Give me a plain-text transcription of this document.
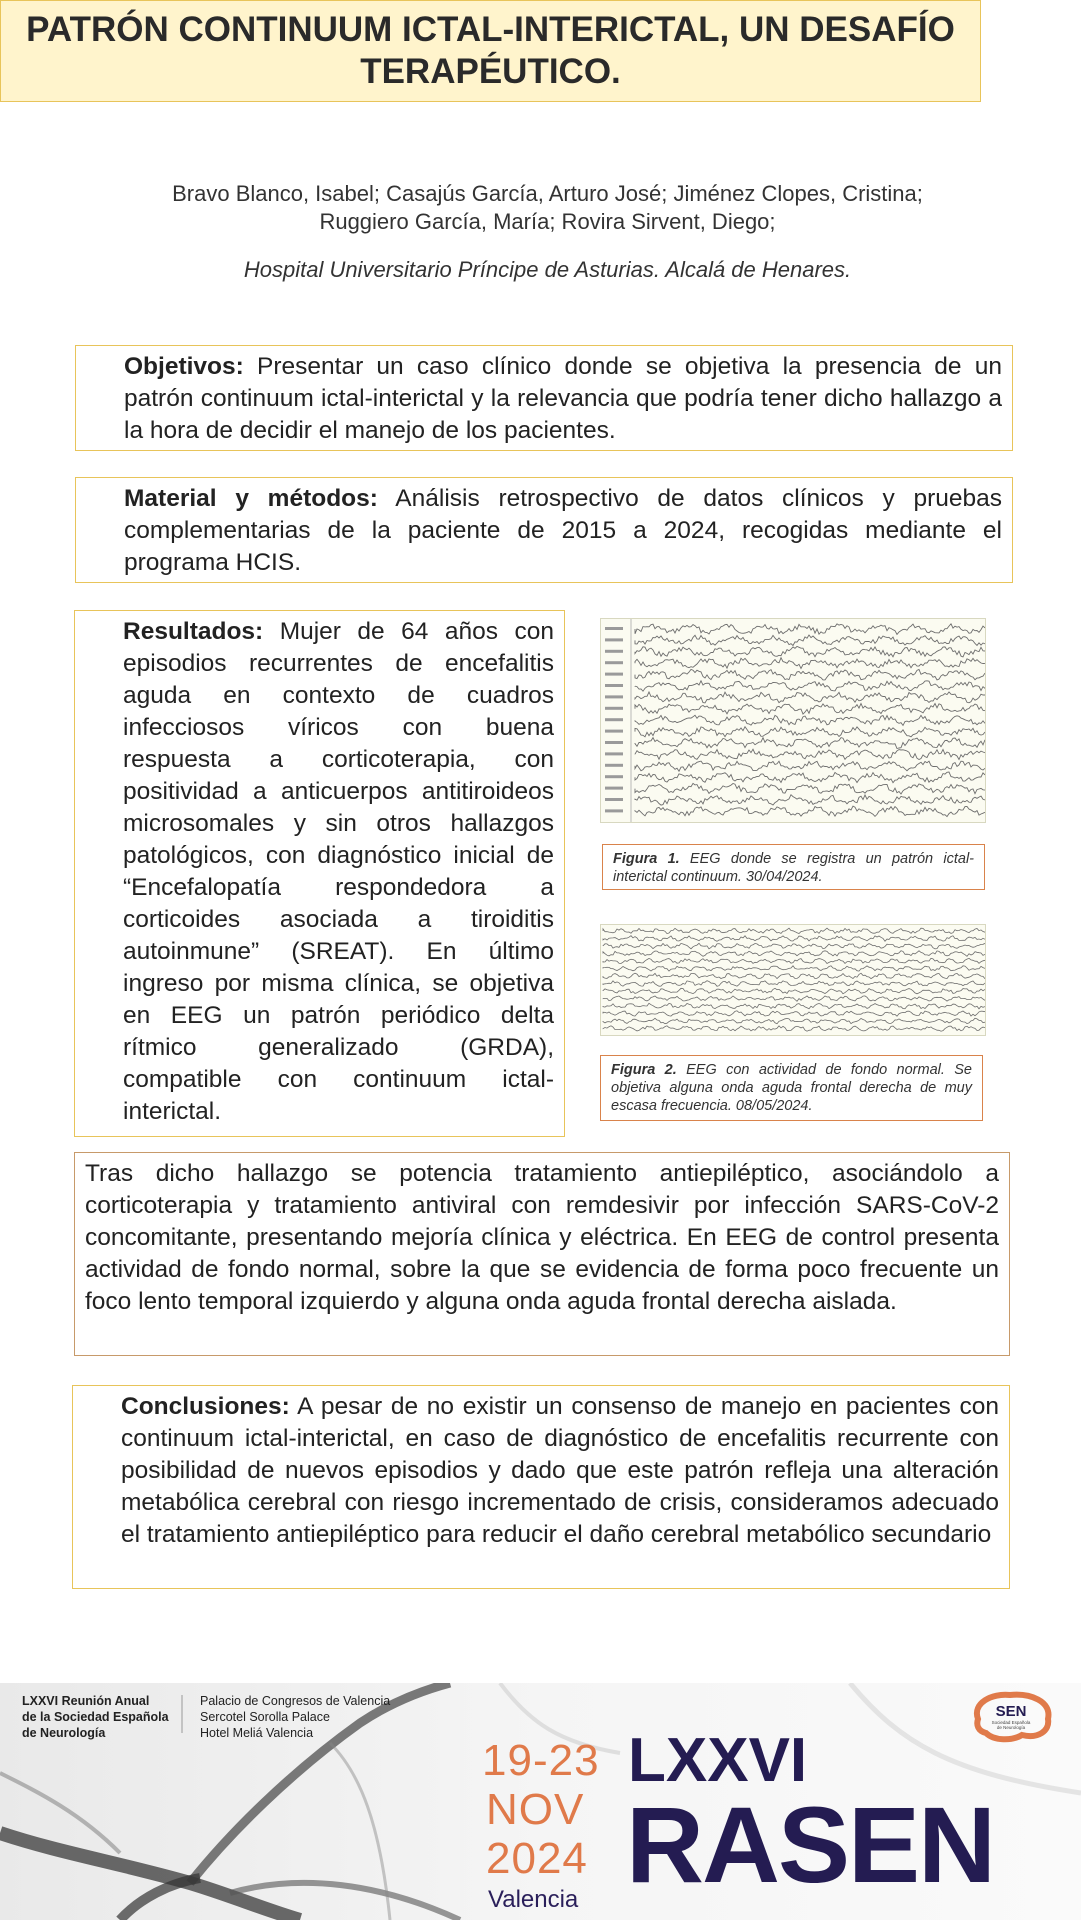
PATRÓN CONTINUUM ICTAL-INTERICTAL, UN DESAFÍO TERAPÉUTICO.
Bravo Blanco, Isabel; Casajús García, Arturo José; Jiménez Clopes, Cristina;
Ruggiero García, María; Rovira Sirvent, Diego;
Hospital Universitario Príncipe de Asturias. Alcalá de Henares.
Objetivos: Presentar un caso clínico donde se objetiva la presencia de un patrón continuum ictal-interictal y la relevancia que podría tener dicho hallazgo a la hora de decidir el manejo de los pacientes.
Material y métodos: Análisis retrospectivo de datos clínicos y pruebas complementarias de la paciente de 2015 a 2024, recogidas mediante el programa HCIS.
Resultados: Mujer de 64 años con episodios recurrentes de encefalitis aguda en contexto de cuadros infecciosos víricos con buena respuesta a corticoterapia, con positividad a anticuerpos antitiroideos microsomales y sin otros hallazgos patológicos, con diagnóstico inicial de “Encefalopatía respondedora a corticoides asociada a tiroiditis autoinmune” (SREAT). En último ingreso por misma clínica, se objetiva en EEG un patrón periódico delta rítmico generalizado (GRDA), compatible con continuum ictal-interictal.
Figura 1. EEG donde se registra un patrón ictal-interictal continuum. 30/04/2024.
Figura 2. EEG con actividad de fondo normal. Se objetiva alguna onda aguda frontal derecha de muy escasa frecuencia. 08/05/2024.
Tras dicho hallazgo se potencia tratamiento antiepiléptico, asociándolo a corticoterapia y tratamiento antiviral con remdesivir por infección SARS-CoV-2 concomitante, presentando mejoría clínica y eléctrica. En EEG de control presenta actividad de fondo normal, sobre la que se evidencia de forma poco frecuente un foco lento temporal izquierdo y alguna onda aguda frontal derecha aislada.
Conclusiones: A pesar de no existir un consenso de manejo en pacientes con continuum ictal-interictal, en caso de diagnóstico de encefalitis recurrente con posibilidad de nuevos episodios y dado que este patrón refleja una alteración metabólica cerebral con riesgo incrementado de crisis, consideramos adecuado el tratamiento antiepiléptico para reducir el daño cerebral metabólico secundario
LXXVI Reunión Anual
de la Sociedad Española
de Neurología
Palacio de Congresos de Valencia
Sercotel Sorolla Palace
Hotel Meliá Valencia
19-23
NOV
2024
Valencia
LXXVI
RASEN
SEN
Sociedad Española
de Neurología
